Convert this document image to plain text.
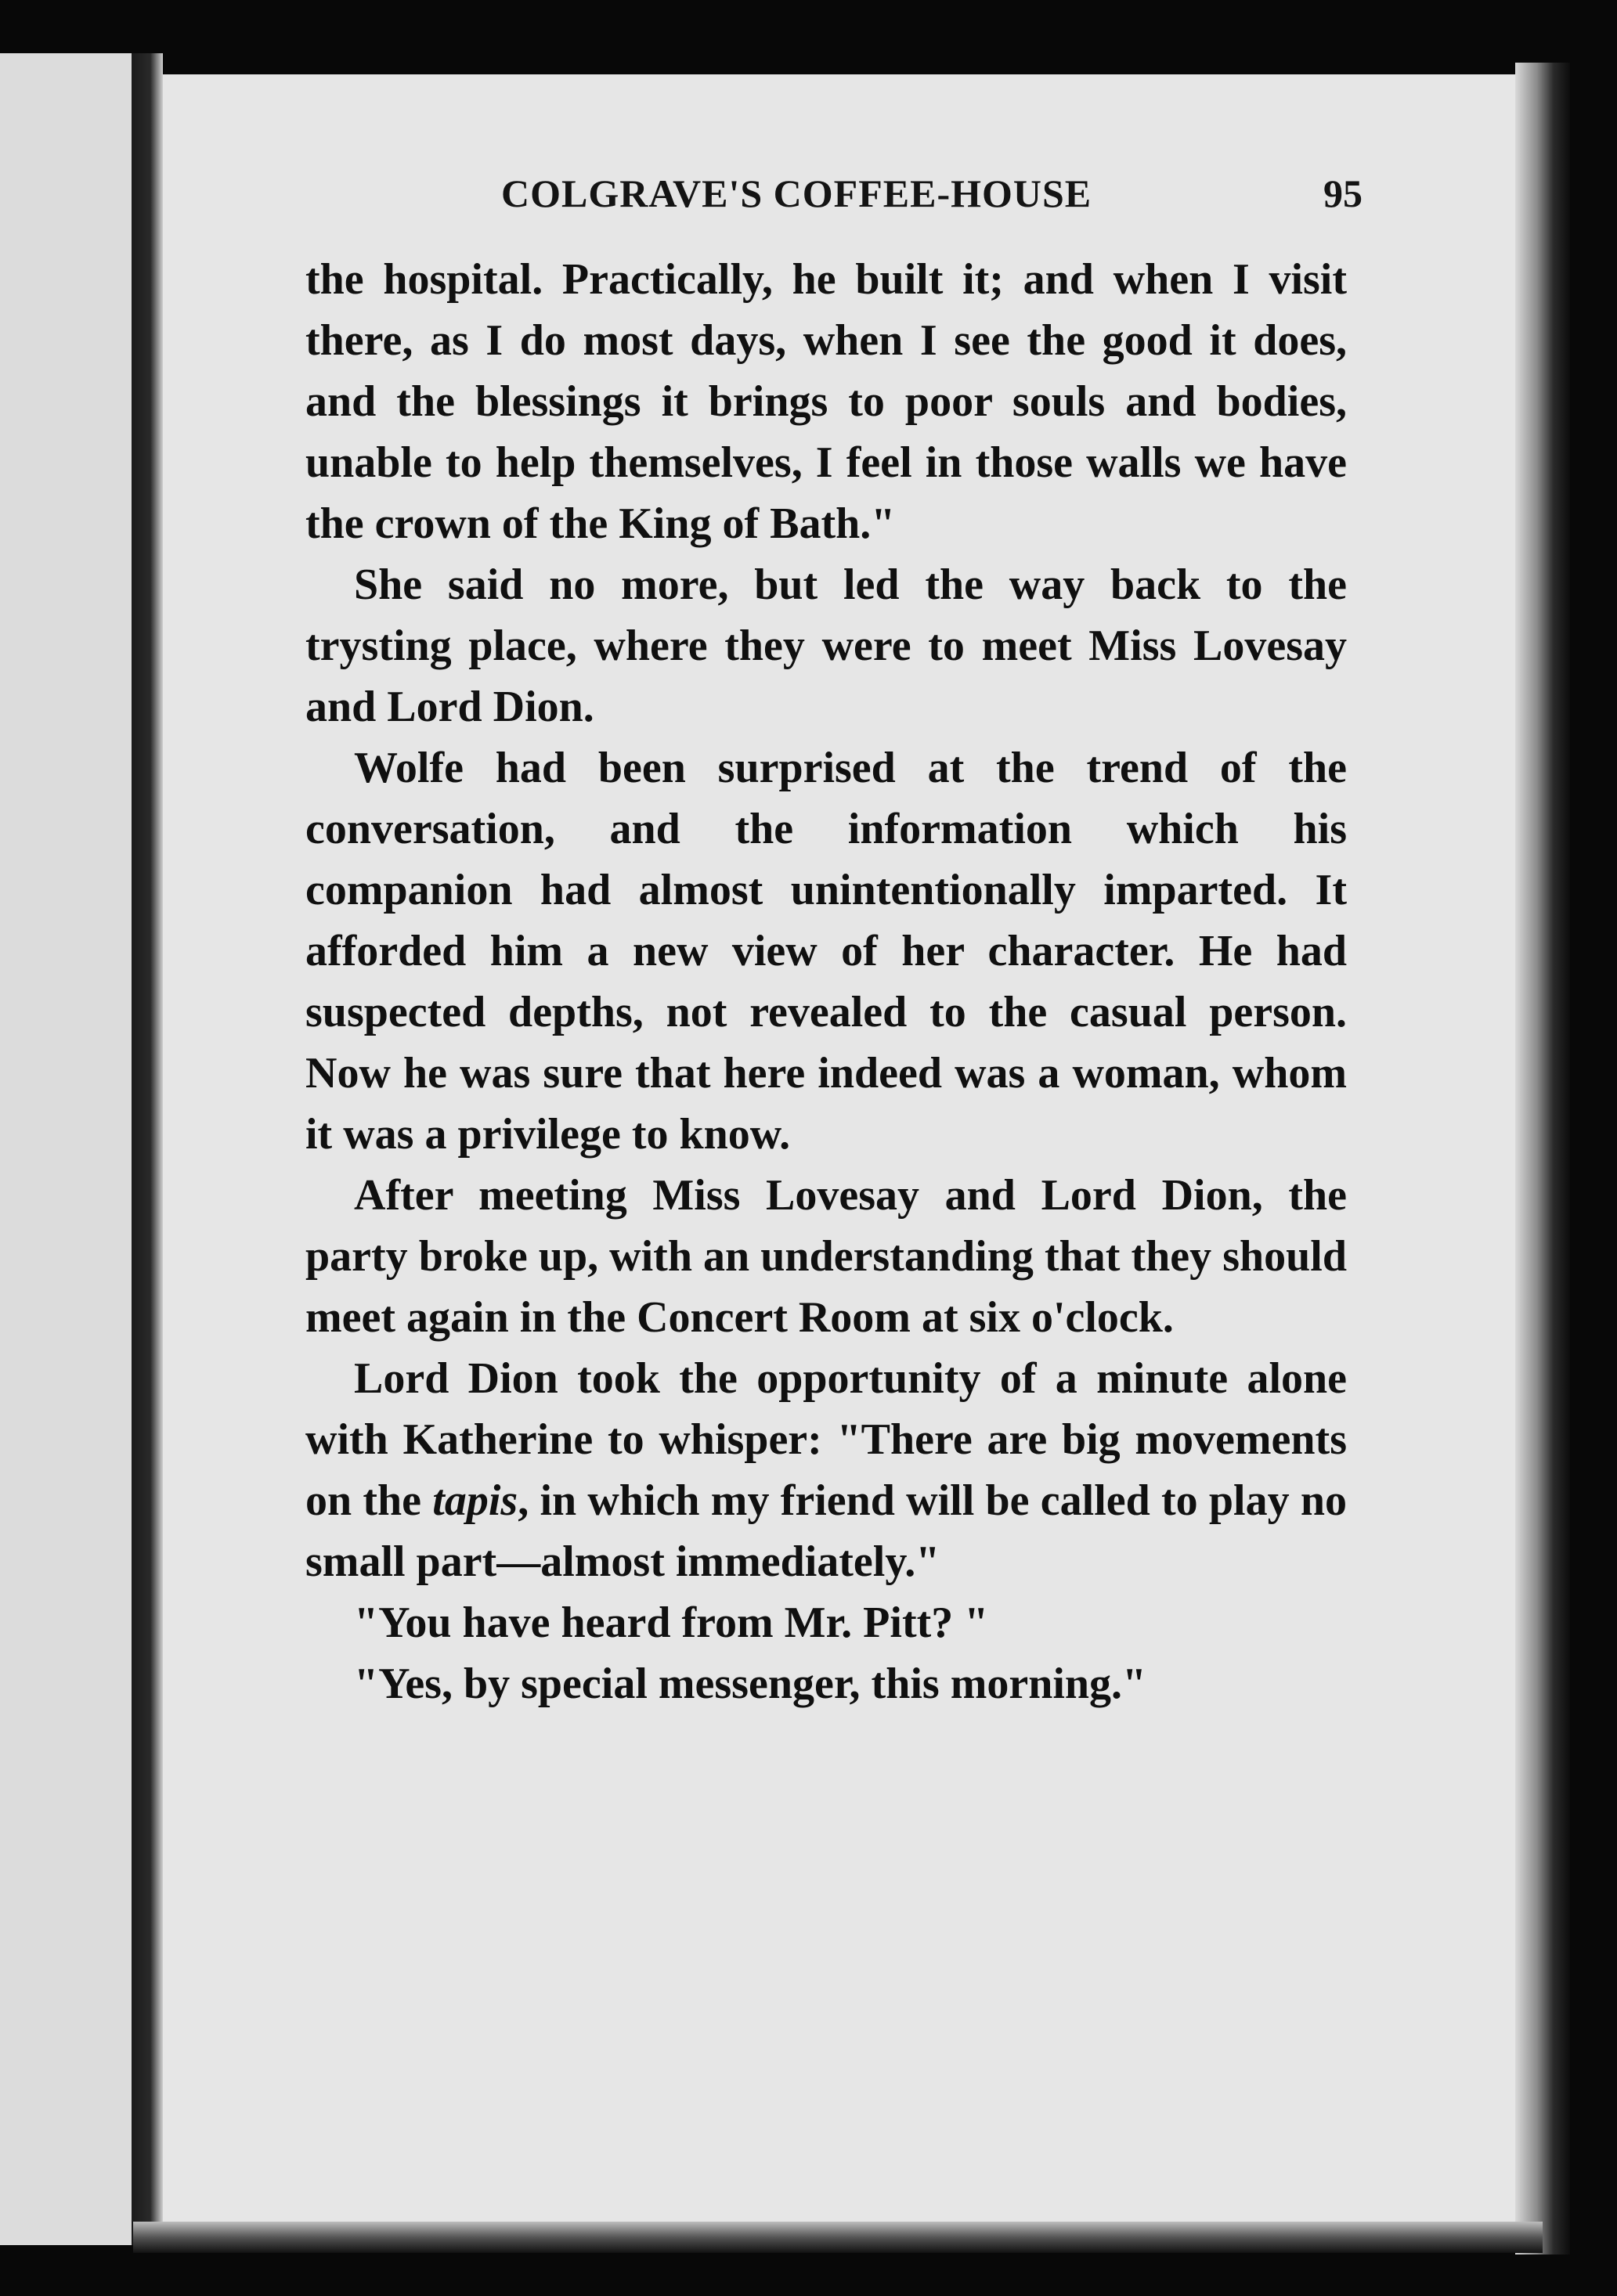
COLGRAVE'S COFFEE-HOUSE	95

the hospital. Practically, he built it; and when I visit there, as I do most days, when I see the good it does, and the blessings it brings to poor souls and bodies, unable to help themselves, I feel in those walls we have the crown of the King of Bath."

She said no more, but led the way back to the trysting place, where they were to meet Miss Lovesay and Lord Dion.

Wolfe had been surprised at the trend of the conversation, and the information which his companion had almost unintentionally imparted. It afforded him a new view of her character. He had suspected depths, not revealed to the casual person. Now he was sure that here indeed was a woman, whom it was a privilege to know.

After meeting Miss Lovesay and Lord Dion, the party broke up, with an understanding that they should meet again in the Concert Room at six o'clock.

Lord Dion took the opportunity of a minute alone with Katherine to whisper: "There are big movements on the tapis, in which my friend will be called to play no small part—almost immediately."

"You have heard from Mr. Pitt? "

"Yes, by special messenger, this morning."
